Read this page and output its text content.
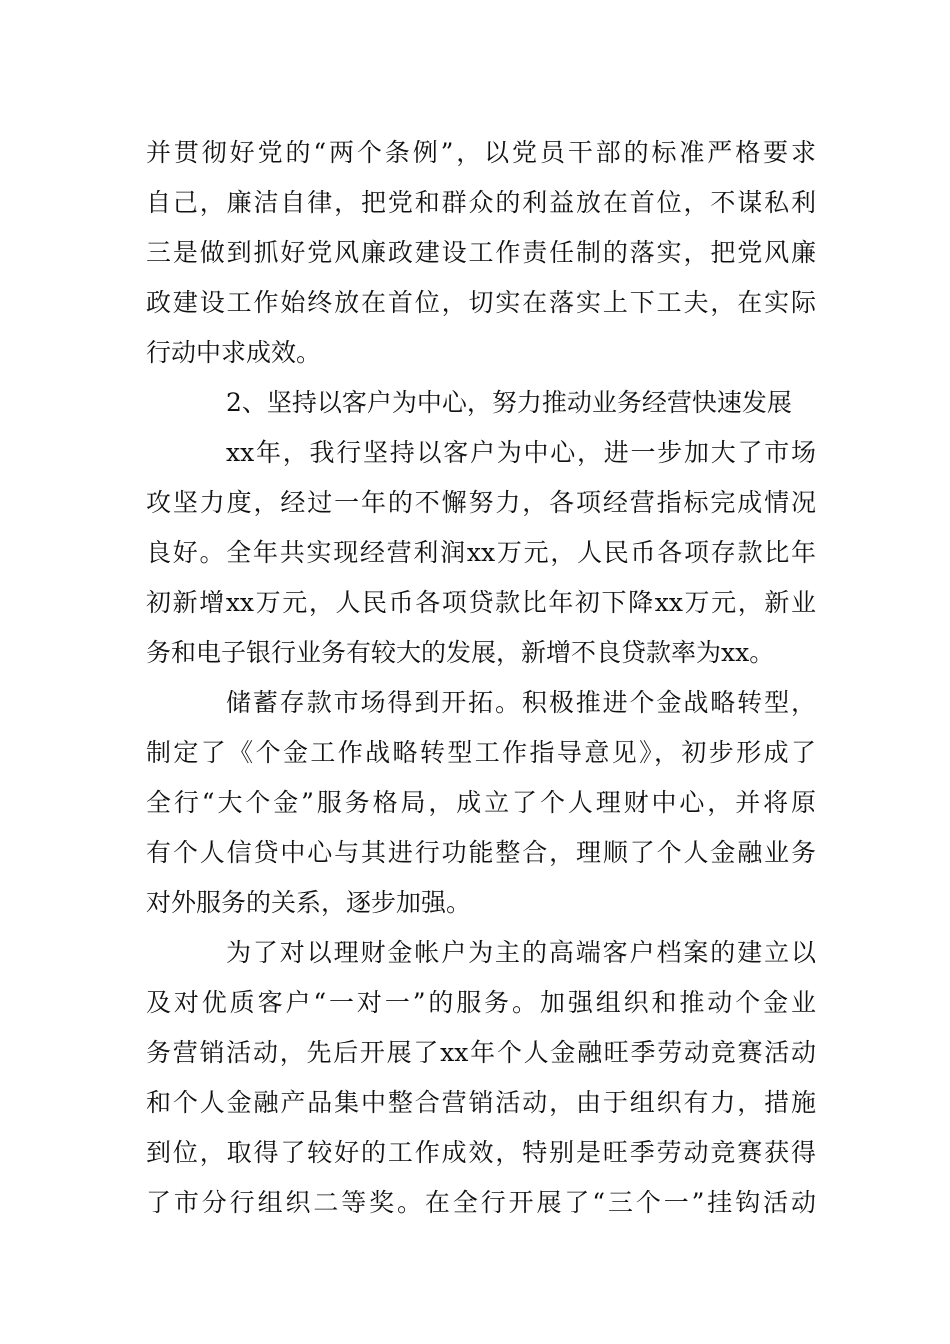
并贯彻好党的“两个条例”，以党员干部的标准严格要求
自己，廉洁自律，把党和群众的利益放在首位，不谋私利
三是做到抓好党风廉政建设工作责任制的落实，把党风廉
政建设工作始终放在首位，切实在落实上下工夫，在实际
行动中求成效。
2、坚持以客户为中心，努力推动业务经营快速发展
xx年，我行坚持以客户为中心，进一步加大了市场
攻坚力度，经过一年的不懈努力，各项经营指标完成情况
良好。全年共实现经营利润xx万元，人民币各项存款比年
初新增xx万元，人民币各项贷款比年初下降xx万元，新业
务和电子银行业务有较大的发展，新增不良贷款率为xx。
储蓄存款市场得到开拓。积极推进个金战略转型，
制定了《个金工作战略转型工作指导意见》，初步形成了
全行“大个金”服务格局，成立了个人理财中心，并将原
有个人信贷中心与其进行功能整合，理顺了个人金融业务
对外服务的关系，逐步加强。
为了对以理财金帐户为主的高端客户档案的建立以
及对优质客户“一对一”的服务。加强组织和推动个金业
务营销活动，先后开展了xx年个人金融旺季劳动竞赛活动
和个人金融产品集中整合营销活动，由于组织有力，措施
到位，取得了较好的工作成效，特别是旺季劳动竞赛获得
了市分行组织二等奖。在全行开展了“三个一”挂钩活动
